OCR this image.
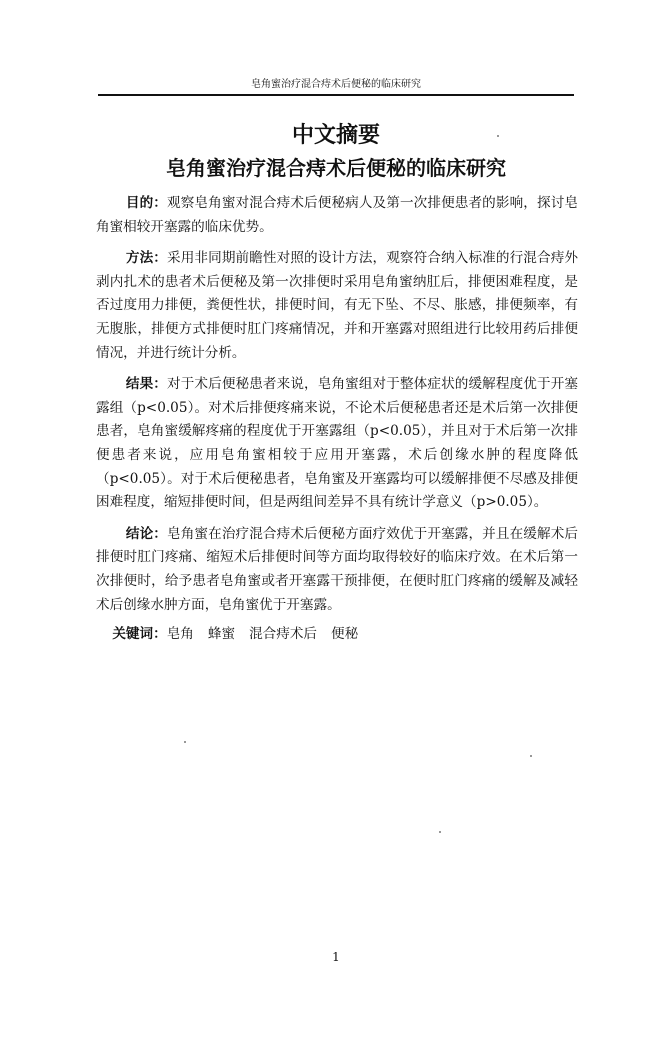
皂角蜜治疗混合痔术后便秘的临床研究
中文摘要
皂角蜜治疗混合痔术后便秘的临床研究

目的：观察皂角蜜对混合痔术后便秘病人及第一次排便患者的影响，探讨皂角蜜相较开塞露的临床优势。

方法：采用非同期前瞻性对照的设计方法，观察符合纳入标准的行混合痔外剥内扎术的患者术后便秘及第一次排便时采用皂角蜜纳肛后，排便困难程度，是否过度用力排便，粪便性状，排便时间，有无下坠、不尽、胀感，排便频率，有无腹胀，排便方式排便时肛门疼痛情况，并和开塞露对照组进行比较用药后排便情况，并进行统计分析。

结果：对于术后便秘患者来说，皂角蜜组对于整体症状的缓解程度优于开塞露组（p<0.05）。对术后排便疼痛来说，不论术后便秘患者还是术后第一次排便患者，皂角蜜缓解疼痛的程度优于开塞露组（p<0.05），并且对于术后第一次排便患者来说，应用皂角蜜相较于应用开塞露，术后创缘水肿的程度降低（p<0.05）。对于术后便秘患者，皂角蜜及开塞露均可以缓解排便不尽感及排便困难程度，缩短排便时间，但是两组间差异不具有统计学意义（p>0.05）。

结论：皂角蜜在治疗混合痔术后便秘方面疗效优于开塞露，并且在缓解术后排便时肛门疼痛、缩短术后排便时间等方面均取得较好的临床疗效。在术后第一次排便时，给予患者皂角蜜或者开塞露干预排便，在便时肛门疼痛的缓解及减轻术后创缘水肿方面，皂角蜜优于开塞露。

关键词：皂角 蜂蜜 混合痔术后 便秘

1
